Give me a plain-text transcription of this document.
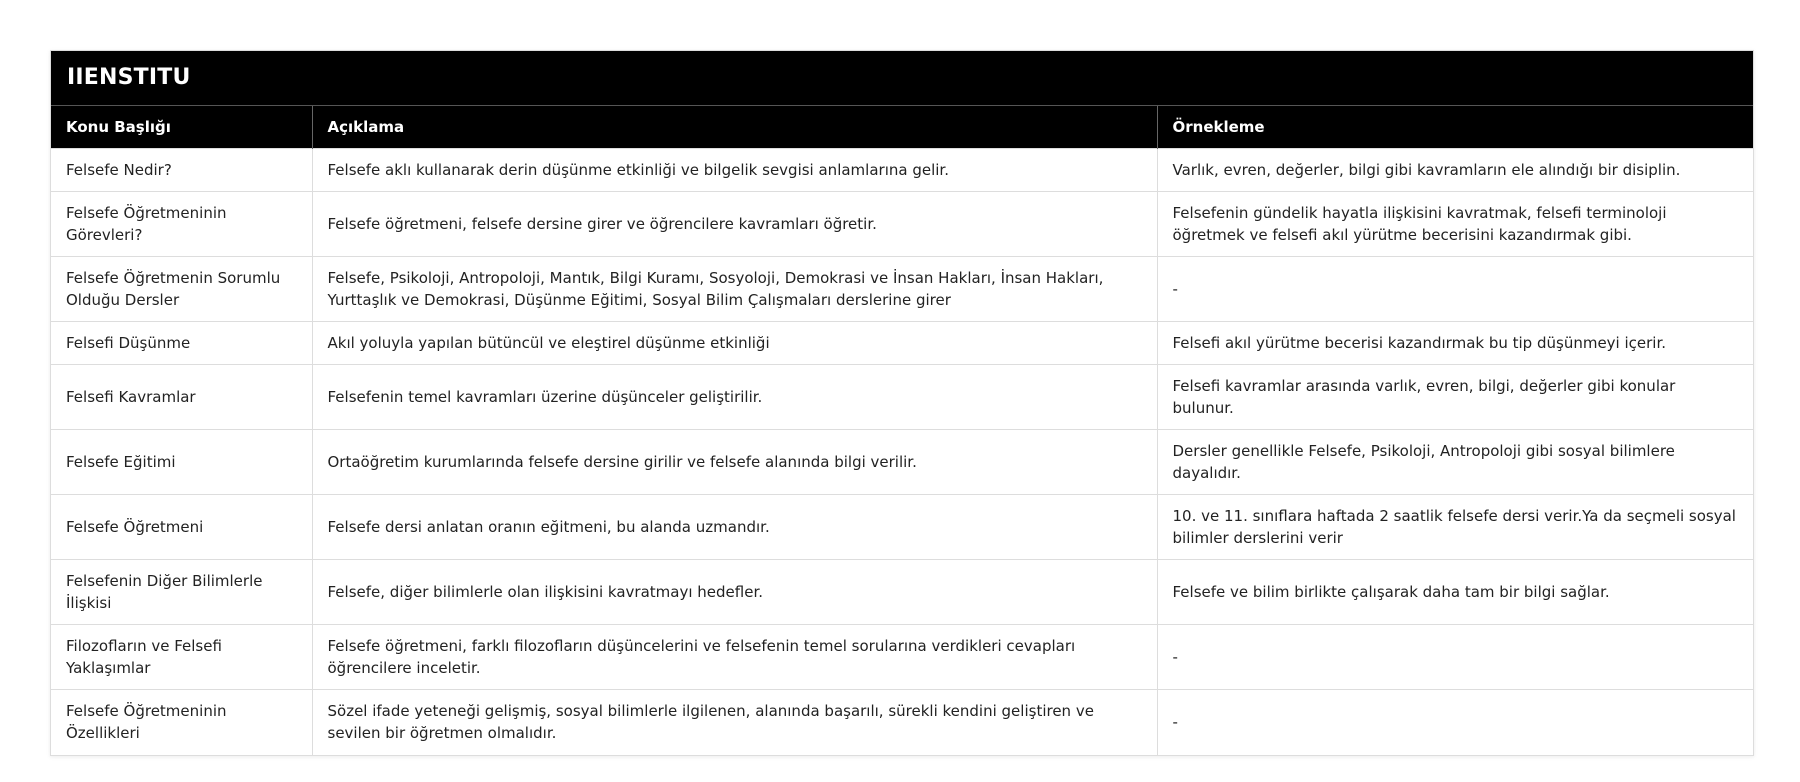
IIENSTITU
Konu Başlığı	Açıklama	Örnekleme
Felsefe Nedir?	Felsefe aklı kullanarak derin düşünme etkinliği ve bilgelik sevgisi anlamlarına gelir.	Varlık, evren, değerler, bilgi gibi kavramların ele alındığı bir disiplin.
Felsefe Öğretmeninin Görevleri?	Felsefe öğretmeni, felsefe dersine girer ve öğrencilere kavramları öğretir.	Felsefenin gündelik hayatla ilişkisini kavratmak, felsefi terminoloji öğretmek ve felsefi akıl yürütme becerisini kazandırmak gibi.
Felsefe Öğretmenin Sorumlu Olduğu Dersler	Felsefe, Psikoloji, Antropoloji, Mantık, Bilgi Kuramı, Sosyoloji, Demokrasi ve İnsan Hakları, İnsan Hakları, Yurttaşlık ve Demokrasi, Düşünme Eğitimi, Sosyal Bilim Çalışmaları derslerine girer	-
Felsefi Düşünme	Akıl yoluyla yapılan bütüncül ve eleştirel düşünme etkinliği	Felsefi akıl yürütme becerisi kazandırmak bu tip düşünmeyi içerir.
Felsefi Kavramlar	Felsefenin temel kavramları üzerine düşünceler geliştirilir.	Felsefi kavramlar arasında varlık, evren, bilgi, değerler gibi konular bulunur.
Felsefe Eğitimi	Ortaöğretim kurumlarında felsefe dersine girilir ve felsefe alanında bilgi verilir.	Dersler genellikle Felsefe, Psikoloji, Antropoloji gibi sosyal bilimlere dayalıdır.
Felsefe Öğretmeni	Felsefe dersi anlatan oranın eğitmeni, bu alanda uzmandır.	10. ve 11. sınıflara haftada 2 saatlik felsefe dersi verir.Ya da seçmeli sosyal bilimler derslerini verir
Felsefenin Diğer Bilimlerle İlişkisi	Felsefe, diğer bilimlerle olan ilişkisini kavratmayı hedefler.	Felsefe ve bilim birlikte çalışarak daha tam bir bilgi sağlar.
Filozofların ve Felsefi Yaklaşımlar	Felsefe öğretmeni, farklı filozofların düşüncelerini ve felsefenin temel sorularına verdikleri cevapları öğrencilere inceletir.	-
Felsefe Öğretmeninin Özellikleri	Sözel ifade yeteneği gelişmiş, sosyal bilimlerle ilgilenen, alanında başarılı, sürekli kendini geliştiren ve sevilen bir öğretmen olmalıdır.	-
